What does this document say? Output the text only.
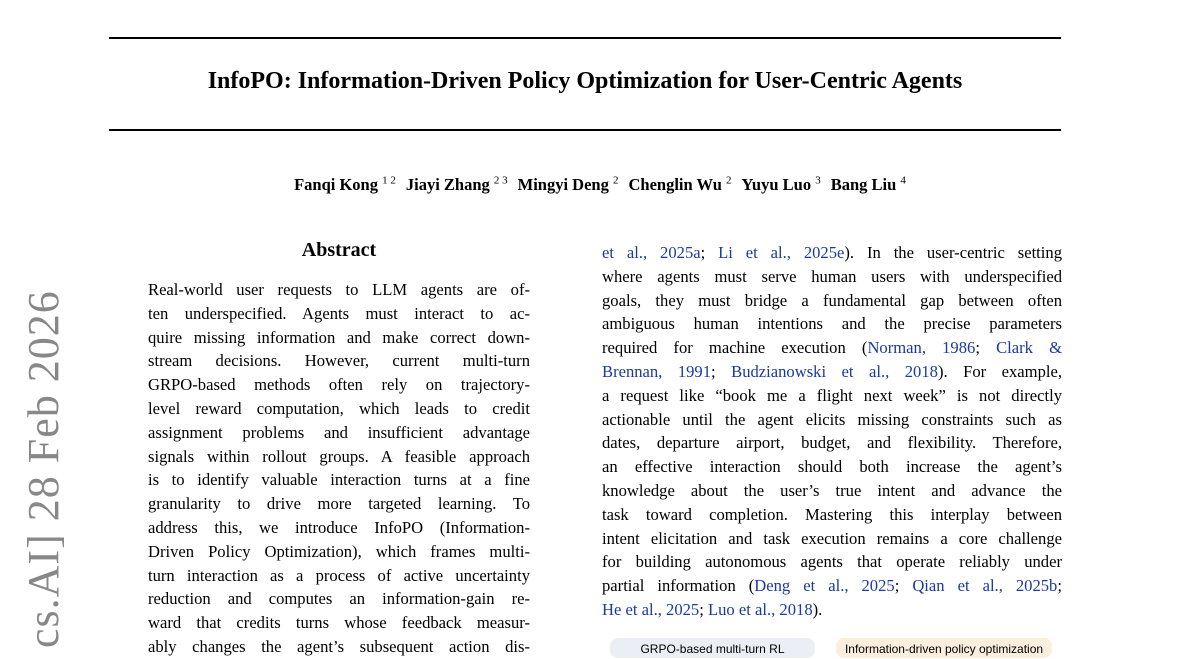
InfoPO: Information-Driven Policy Optimization for User-Centric Agents
Fanqi Kong $^{1 2}$ Jiayi Zhang $^{2 3}$ Mingyi Deng $^2$ Chenglin Wu $^2$ Yuyu Luo $^3$ Bang Liu $^4$
cs.AI] 28 Feb 2026
Abstract
Real-world user requests to LLM agents are of-
ten underspecified. Agents must interact to ac-
quire missing information and make correct down-
stream decisions. However, current multi-turn
GRPO-based methods often rely on trajectory-
level reward computation, which leads to credit
assignment problems and insufficient advantage
signals within rollout groups. A feasible approach
is to identify valuable interaction turns at a fine
granularity to drive more targeted learning. To
address this, we introduce InfoPO (Information-
Driven Policy Optimization), which frames multi-
turn interaction as a process of active uncertainty
reduction and computes an information-gain re-
ward that credits turns whose feedback measur-
ably changes the agent’s subsequent action dis-
et al., 2025a; Li et al., 2025e). In the user-centric setting
where agents must serve human users with underspecified
goals, they must bridge a fundamental gap between often
ambiguous human intentions and the precise parameters
required for machine execution (Norman, 1986; Clark &
Brennan, 1991; Budzianowski et al., 2018). For example,
a request like “book me a flight next week” is not directly
actionable until the agent elicits missing constraints such as
dates, departure airport, budget, and flexibility. Therefore,
an effective interaction should both increase the agent’s
knowledge about the user’s true intent and advance the
task toward completion. Mastering this interplay between
intent elicitation and task execution remains a core challenge
for building autonomous agents that operate reliably under
partial information (Deng et al., 2025; Qian et al., 2025b;
He et al., 2025; Luo et al., 2018).
GRPO-based multi-turn RL	Information-driven policy optimization
